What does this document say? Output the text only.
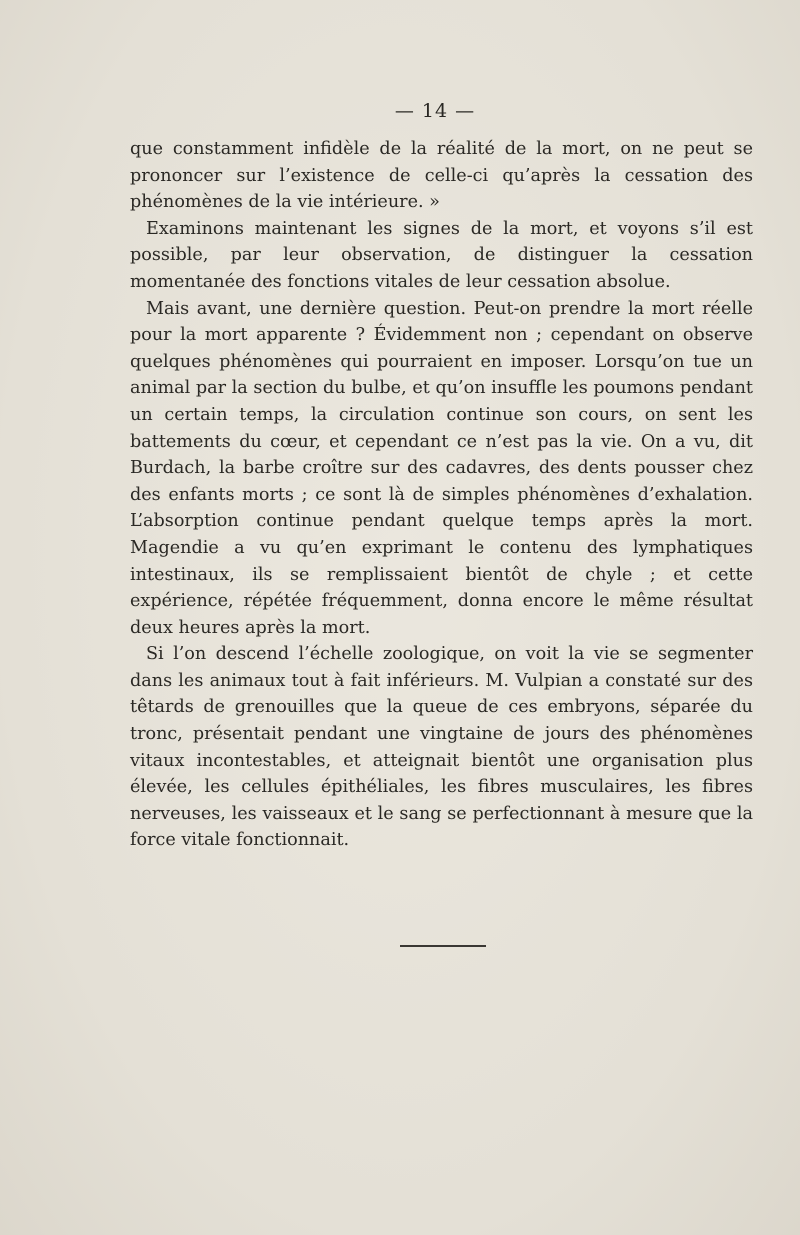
— 14 —

que constamment infidèle de la réalité de la mort, on ne peut se prononcer sur l’existence de celle-ci qu’après la cessation des phénomènes de la vie intérieure. »

Examinons maintenant les signes de la mort, et voyons s’il est possible, par leur observation, de distinguer la cessation momentanée des fonctions vitales de leur cessation absolue.

Mais avant, une dernière question. Peut-on prendre la mort réelle pour la mort apparente ? Évidemment non ; cependant on observe quelques phénomènes qui pourraient en imposer. Lorsqu’on tue un animal par la section du bulbe, et qu’on insuffle les poumons pendant un certain temps, la circulation continue son cours, on sent les battements du cœur, et cependant ce n’est pas la vie. On a vu, dit Burdach, la barbe croître sur des cadavres, des dents pousser chez des enfants morts ; ce sont là de simples phénomènes d’exhalation. L’absorption continue pendant quelque temps après la mort. Magendie a vu qu’en exprimant le contenu des lymphatiques intestinaux, ils se remplissaient bientôt de chyle ; et cette expérience, répétée fréquemment, donna encore le même résultat deux heures après la mort.

Si l’on descend l’échelle zoologique, on voit la vie se segmenter dans les animaux tout à fait inférieurs. M. Vulpian a constaté sur des têtards de grenouilles que la queue de ces embryons, séparée du tronc, présentait pendant une vingtaine de jours des phénomènes vitaux incontestables, et atteignait bientôt une organisation plus élevée, les cellules épithéliales, les fibres musculaires, les fibres nerveuses, les vaisseaux et le sang se perfectionnant à mesure que la force vitale fonctionnait.
